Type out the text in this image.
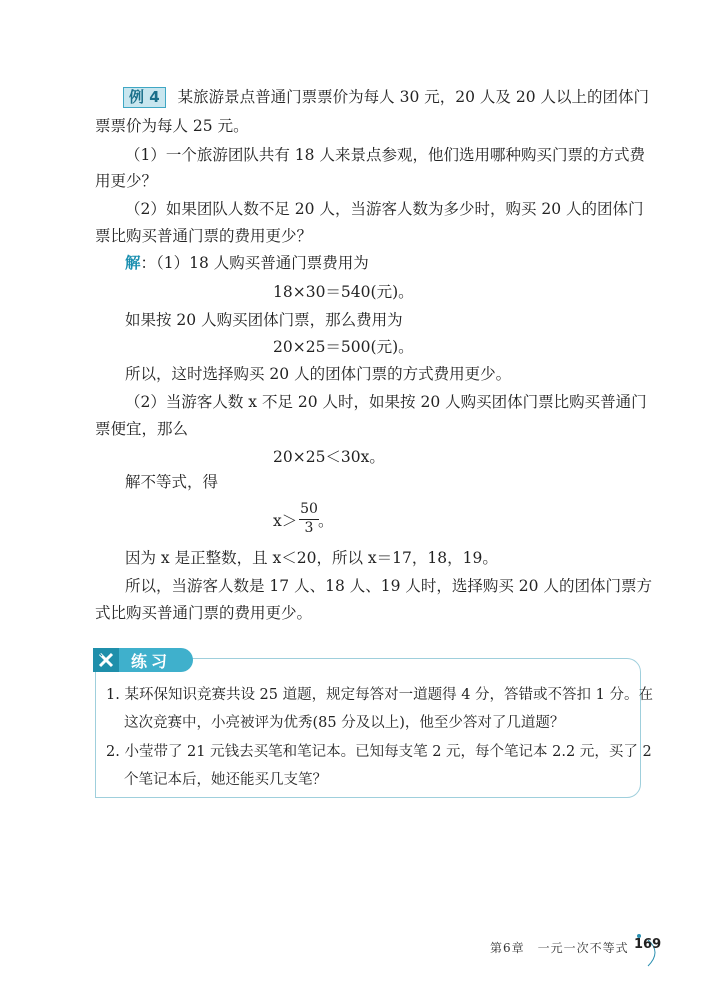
例 4 某旅游景点普通门票票价为每人 30 元，20 人及 20 人以上的团体门
票票价为每人 25 元。
（1）一个旅游团队共有 18 人来景点参观，他们选用哪种购买门票的方式费
用更少？
（2）如果团队人数不足 20 人，当游客人数为多少时，购买 20 人的团体门
票比购买普通门票的费用更少？
解：（1）18 人购买普通门票费用为
18×30＝540(元)。
如果按 20 人购买团体门票，那么费用为
20×25＝500(元)。
所以，这时选择购买 20 人的团体门票的方式费用更少。
（2）当游客人数 x 不足 20 人时，如果按 20 人购买团体门票比购买普通门
票便宜，那么
20×25＜30x。
解不等式，得
x＞
50
3 。
因为 x 是正整数，且 x＜20，所以 x＝17，18，19。
所以，当游客人数是 17 人、18 人、19 人时，选择购买 20 人的团体门票方
式比购买普通门票的费用更少。
练习
1. 某环保知识竞赛共设 25 道题，规定每答对一道题得 4 分，答错或不答扣 1 分。在
这次竞赛中，小亮被评为优秀(85 分及以上)，他至少答对了几道题？
2. 小莹带了 21 元钱去买笔和笔记本。已知每支笔 2 元，每个笔记本 2.2 元，买了 2
个笔记本后，她还能买几支笔？
第6章　一元一次不等式 169
